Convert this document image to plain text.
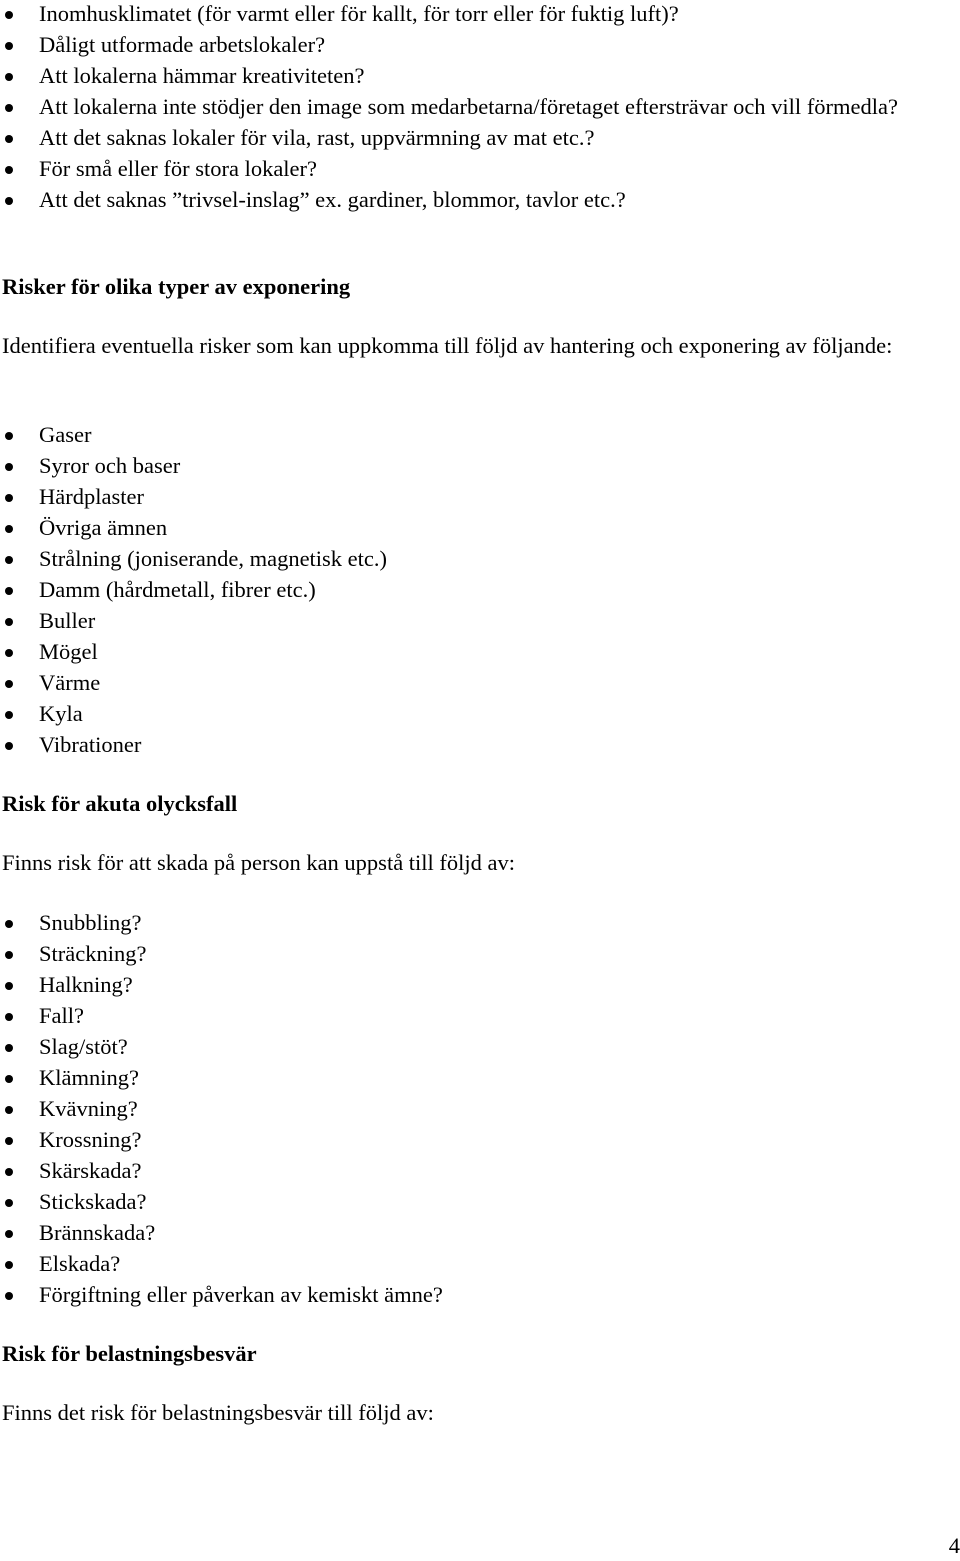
Inomhusklimatet (för varmt eller för kallt, för torr eller för fuktig luft)?
Dåligt utformade arbetslokaler?
Att lokalerna hämmar kreativiteten?
Att lokalerna inte stödjer den image som medarbetarna/företaget eftersträvar och vill förmedla?
Att det saknas lokaler för vila, rast, uppvärmning av mat etc.?
För små eller för stora lokaler?
Att det saknas ”trivsel-inslag” ex. gardiner, blommor, tavlor etc.?
Risker för olika typer av exponering

Identifiera eventuella risker som kan uppkomma till följd av hantering och exponering av följande:

Gaser
Syror och baser
Härdplaster
Övriga ämnen
Strålning (joniserande, magnetisk etc.)
Damm (hårdmetall, fibrer etc.)
Buller
Mögel
Värme
Kyla
Vibrationer
Risk för akuta olycksfall

Finns risk för att skada på person kan uppstå till följd av:

Snubbling?
Sträckning?
Halkning?
Fall?
Slag/stöt?
Klämning?
Kvävning?
Krossning?
Skärskada?
Stickskada?
Brännskada?
Elskada?
Förgiftning eller påverkan av kemiskt ämne?
Risk för belastningsbesvär

Finns det risk för belastningsbesvär till följd av:

4
